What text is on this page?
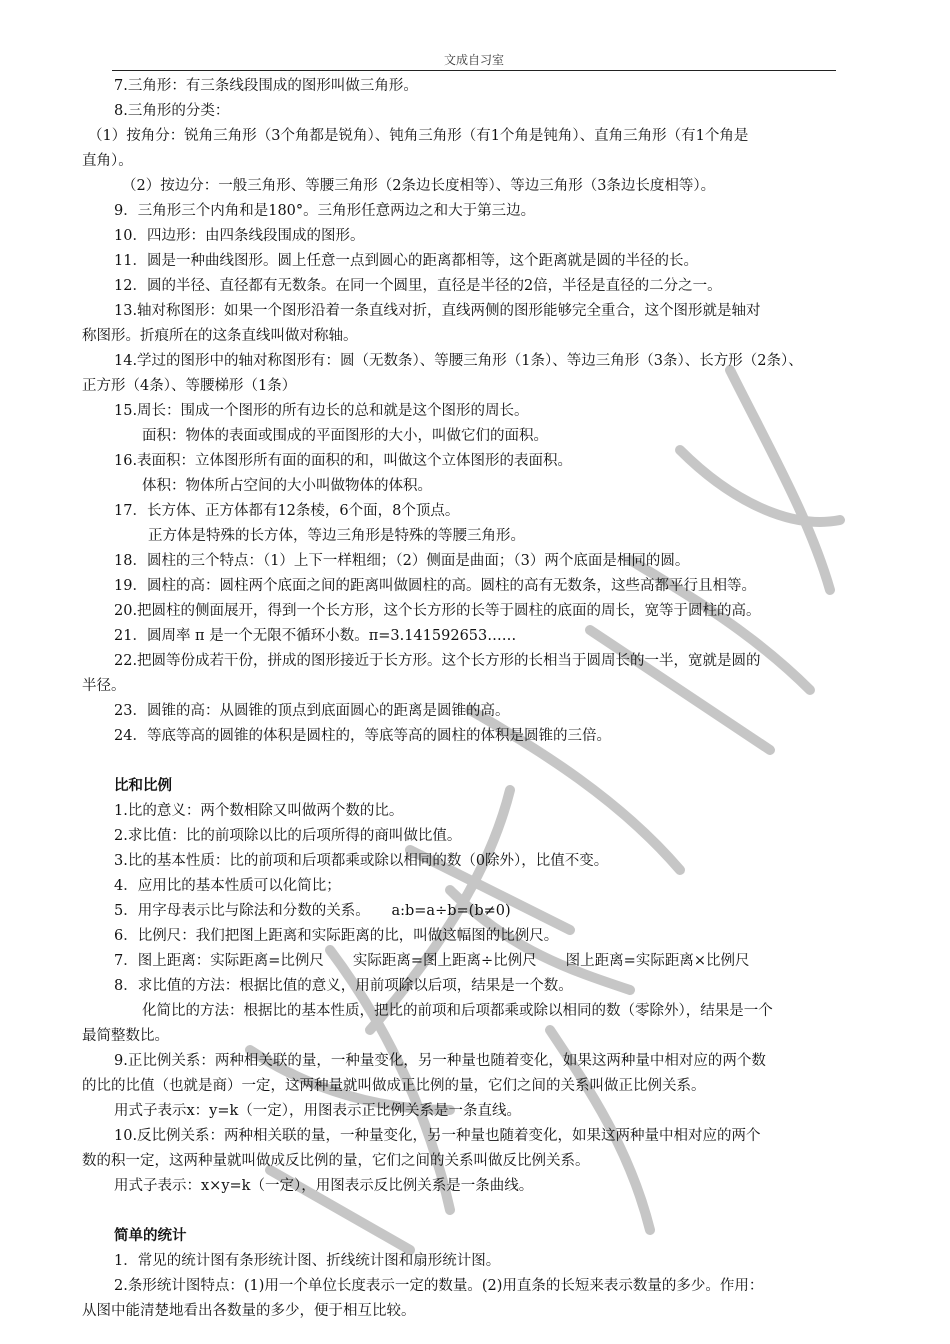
文成自习室
7.三角形：有三条线段围成的图形叫做三角形。
8.三角形的分类：
（1）按角分：锐角三角形（3个角都是锐角）、钝角三角形（有1个角是钝角）、直角三角形（有1个角是
直角）。
（2）按边分：一般三角形、等腰三角形（2条边长度相等）、等边三角形（3条边长度相等）。
9．三角形三个内角和是180°。三角形任意两边之和大于第三边。
10．四边形：由四条线段围成的图形。
11．圆是一种曲线图形。圆上任意一点到圆心的距离都相等，这个距离就是圆的半径的长。
12．圆的半径、直径都有无数条。在同一个圆里，直径是半径的2倍，半径是直径的二分之一。
13.轴对称图形：如果一个图形沿着一条直线对折，直线两侧的图形能够完全重合，这个图形就是轴对
称图形。折痕所在的这条直线叫做对称轴。
14.学过的图形中的轴对称图形有：圆（无数条）、等腰三角形（1条）、等边三角形（3条）、长方形（2条）、
正方形（4条）、等腰梯形（1条）
15.周长：围成一个图形的所有边长的总和就是这个图形的周长。
面积：物体的表面或围成的平面图形的大小，叫做它们的面积。
16.表面积：立体图形所有面的面积的和，叫做这个立体图形的表面积。
体积：物体所占空间的大小叫做物体的体积。
17．长方体、正方体都有12条棱，6个面，8个顶点。
正方体是特殊的长方体，等边三角形是特殊的等腰三角形。
18．圆柱的三个特点：（1）上下一样粗细；（2）侧面是曲面；（3）两个底面是相同的圆。
19．圆柱的高：圆柱两个底面之间的距离叫做圆柱的高。圆柱的高有无数条，这些高都平行且相等。
20.把圆柱的侧面展开，得到一个长方形，这个长方形的长等于圆柱的底面的周长，宽等于圆柱的高。
21．圆周率 π 是一个无限不循环小数。π=3.141592653……
22.把圆等份成若干份，拼成的图形接近于长方形。这个长方形的长相当于圆周长的一半，宽就是圆的
半径。
23．圆锥的高：从圆锥的顶点到底面圆心的距离是圆锥的高。
24．等底等高的圆锥的体积是圆柱的，等底等高的圆柱的体积是圆锥的三倍。
比和比例
1.比的意义：两个数相除又叫做两个数的比。
2.求比值：比的前项除以比的后项所得的商叫做比值。
3.比的基本性质：比的前项和后项都乘或除以相同的数（0除外），比值不变。
4．应用比的基本性质可以化简比；
5．用字母表示比与除法和分数的关系。　　a:b=a÷b=(b≠0)
6．比例尺：我们把图上距离和实际距离的比，叫做这幅图的比例尺。
7．图上距离：实际距离=比例尺　　实际距离=图上距离÷比例尺　　图上距离=实际距离×比例尺
8．求比值的方法：根据比值的意义，用前项除以后项，结果是一个数。
化简比的方法：根据比的基本性质，把比的前项和后项都乘或除以相同的数（零除外），结果是一个
最简整数比。
9.正比例关系：两种相关联的量，一种量变化，另一种量也随着变化，如果这两种量中相对应的两个数
的比的比值（也就是商）一定，这两种量就叫做成正比例的量，它们之间的关系叫做正比例关系。
用式子表示x：y=k（一定），用图表示正比例关系是一条直线。
10.反比例关系：两种相关联的量，一种量变化，另一种量也随着变化，如果这两种量中相对应的两个
数的积一定，这两种量就叫做成反比例的量，它们之间的关系叫做反比例关系。
用式子表示：x×y=k（一定），用图表示反比例关系是一条曲线。
简单的统计
1．常见的统计图有条形统计图、折线统计图和扇形统计图。
2.条形统计图特点：(1)用一个单位长度表示一定的数量。(2)用直条的长短来表示数量的多少。作用：
从图中能清楚地看出各数量的多少，便于相互比较。
